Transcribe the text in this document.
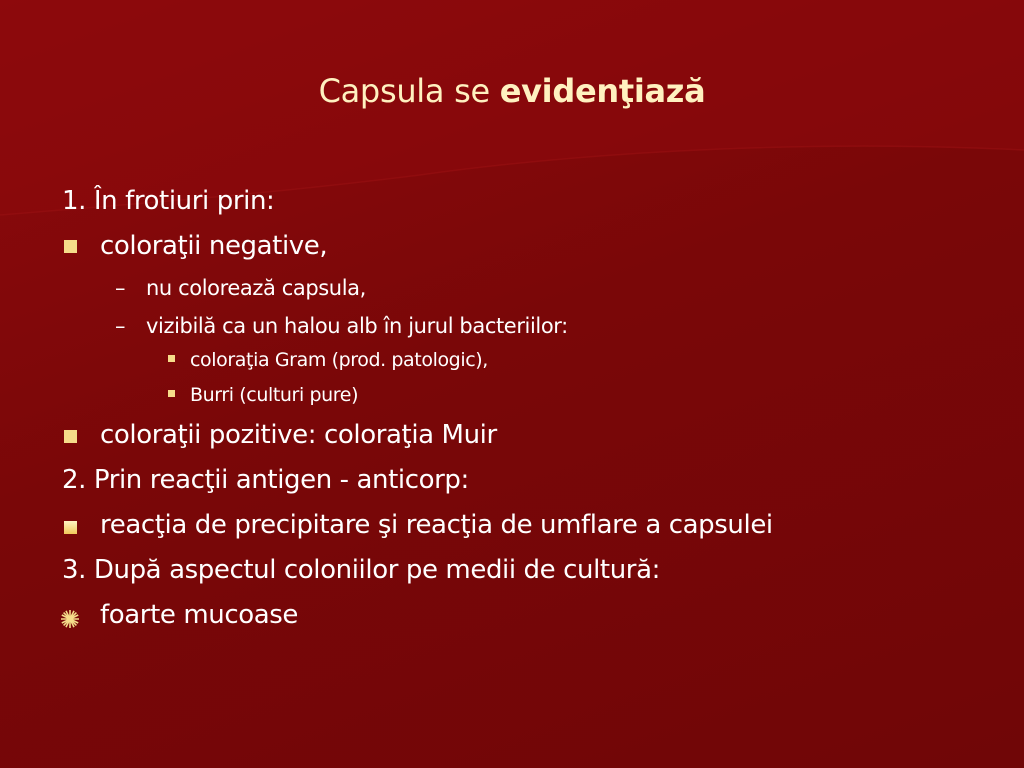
Capsula se evidenţiază
1. În frotiuri prin:
coloraţii negative,
– nu colorează capsula,
– vizibilă ca un halou alb în jurul bacteriilor:
coloraţia Gram (prod. patologic),
Burri (culturi pure)
coloraţii pozitive: coloraţia Muir
2. Prin reacţii antigen - anticorp:
reacţia de precipitare şi reacţia de umflare a capsulei
3. După aspectul coloniilor pe medii de cultură:
foarte mucoase
